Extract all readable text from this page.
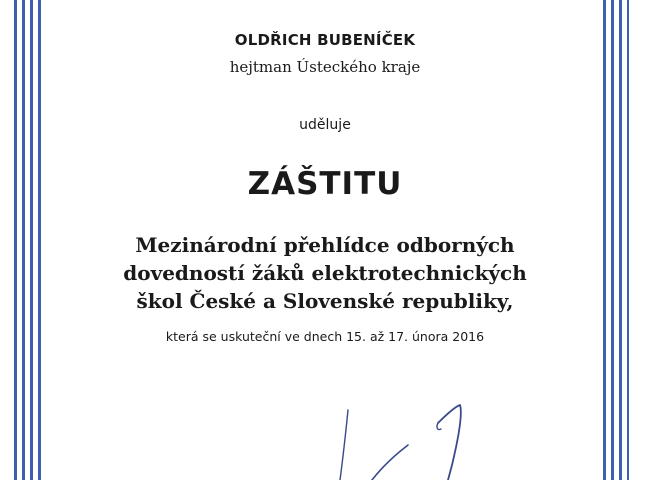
OLDŘICH BUBENÍČEK
hejtman Ústeckého kraje
uděluje
ZÁŠTITU
Mezinárodní přehlídce odborných
dovedností žáků elektrotechnických
škol České a Slovenské republiky,
která se uskuteční ve dnech 15. až 17. února 2016
